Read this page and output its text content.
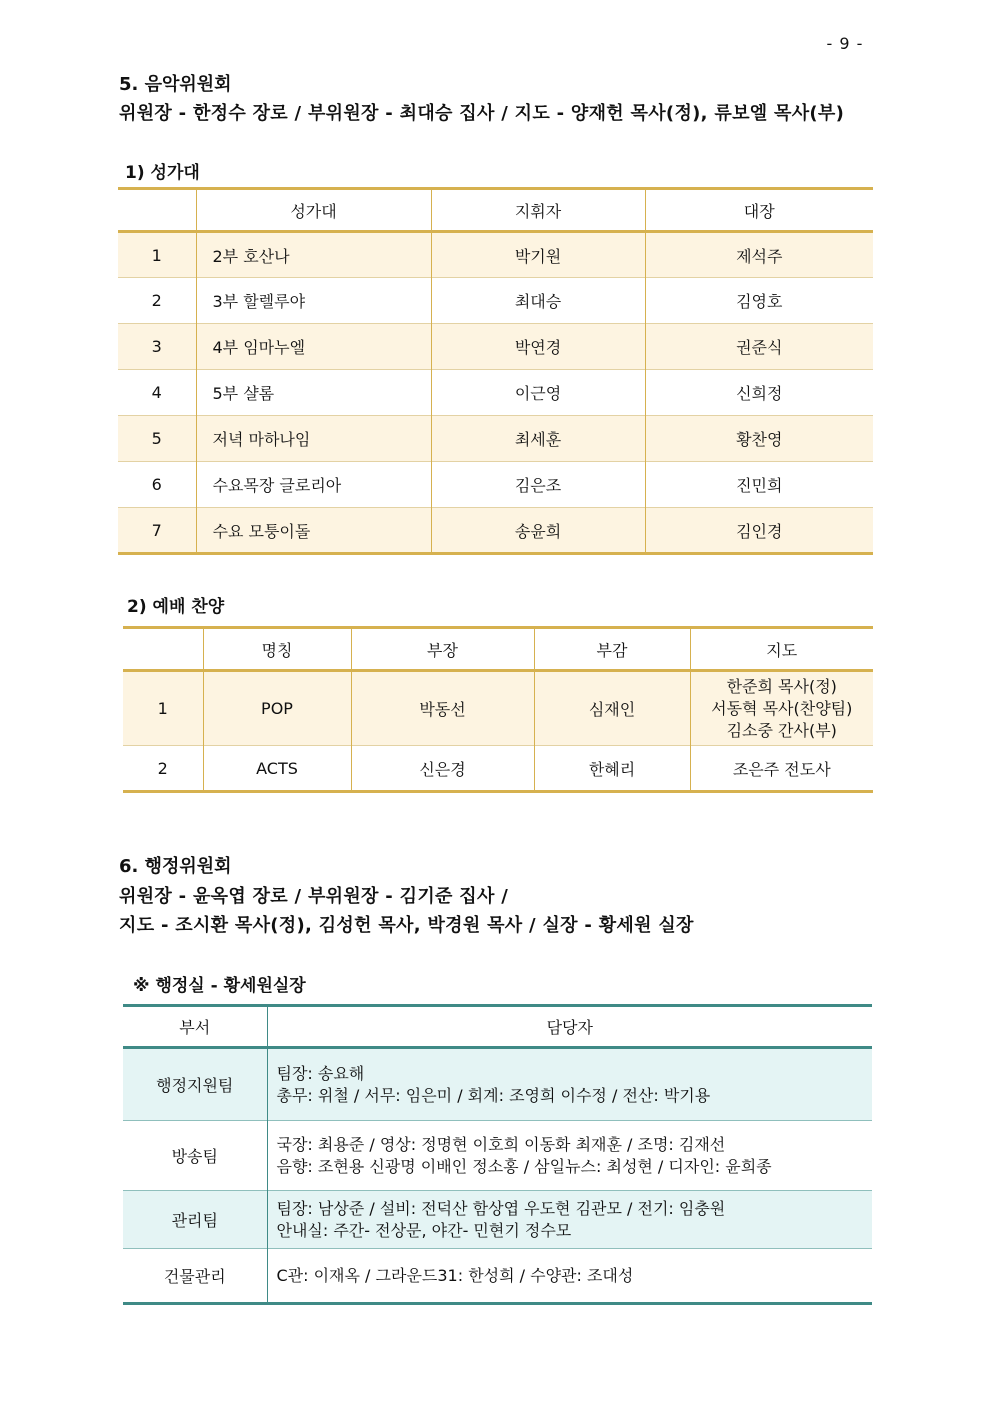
- 9 -
5. 음악위원회
위원장 - 한정수 장로 / 부위원장 - 최대승 집사 / 지도 - 양재헌 목사(정), 류보엘 목사(부)
1) 성가대
	성가대	지휘자	대장
1	2부 호산나	박기원	제석주
2	3부 할렐루야	최대승	김영호
3	4부 임마누엘	박연경	권준식
4	5부 샬롬	이근영	신희정
5	저녁 마하나임	최세훈	황찬영
6	수요목장 글로리아	김은조	진민희
7	수요 모퉁이돌	송윤희	김인경
2) 예배 찬양
	명칭	부장	부감	지도
1	POP	박동선	심재인	한준희 목사(정)
서동혁 목사(찬양팀)
김소중 간사(부)

2	ACTS	신은경	한혜리	조은주 전도사
6. 행정위원회
위원장 - 윤옥엽 장로 / 부위원장 - 김기준 집사 /
지도 - 조시환 목사(정), 김성헌 목사, 박경원 목사 / 실장 - 황세원 실장
※ 행정실 - 황세원실장
부서	담당자
행정지원팀	팀장: 송요해
총무: 위철 / 서무: 임은미 / 회계: 조영희 이수정 / 전산: 박기용

방송팀	국장: 최용준 / 영상: 정명현 이호희 이동화 최재훈 / 조명: 김재선
음향: 조현용 신광명 이배인 정소홍 / 삼일뉴스: 최성현 / 디자인: 윤희종

관리팀	팀장: 남상준 / 설비: 전덕산 함상엽 우도현 김관모 / 전기: 임충원
안내실: 주간- 전상문, 야간- 민현기 정수모

건물관리	C관: 이재옥 / 그라운드31: 한성희 / 수양관: 조대성
